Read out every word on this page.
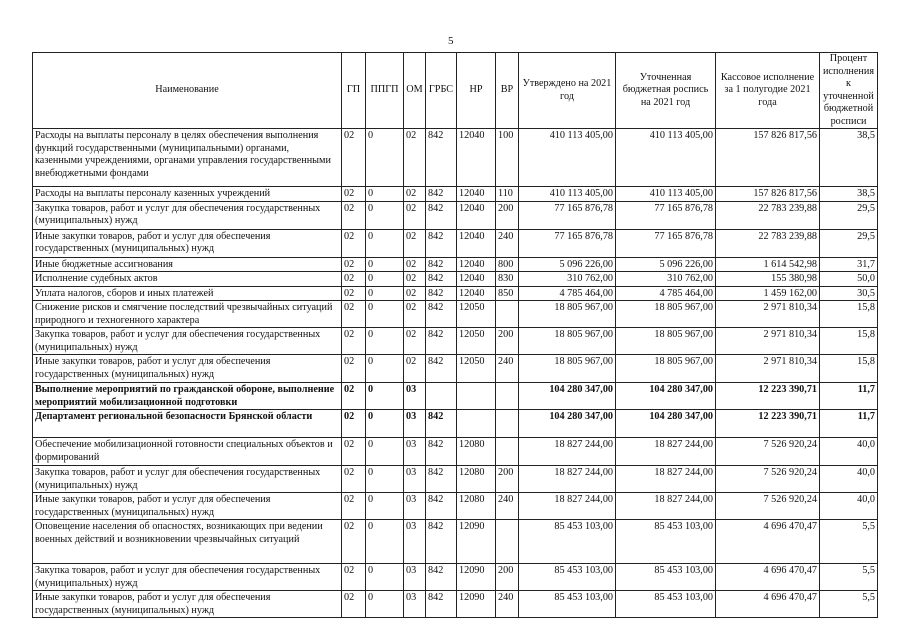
5
Наименование	ГП	ППГП	ОМ	ГРБС	НР	ВР	Утверждено на 2021 год	Уточненная бюджетная роспись на 2021 год	Кассовое исполнение за 1 полугодие 2021 года	Процент исполнения к уточненной бюджетной росписи
Расходы на выплаты персоналу в целях обеспечения выполнения функций государственными (муниципальными) органами, казенными учреждениями, органами управления государственными внебюджетными фондами	02	0	02	842	12040	100	410 113 405,00	410 113 405,00	157 826 817,56	38,5
Расходы на выплаты персоналу казенных учреждений	02	0	02	842	12040	110	410 113 405,00	410 113 405,00	157 826 817,56	38,5
Закупка товаров, работ и услуг для обеспечения государственных (муниципальных) нужд	02	0	02	842	12040	200	77 165 876,78	77 165 876,78	22 783 239,88	29,5
Иные закупки товаров, работ и услуг для обеспечения государственных (муниципальных) нужд	02	0	02	842	12040	240	77 165 876,78	77 165 876,78	22 783 239,88	29,5
Иные бюджетные ассигнования	02	0	02	842	12040	800	5 096 226,00	5 096 226,00	1 614 542,98	31,7
Исполнение судебных актов	02	0	02	842	12040	830	310 762,00	310 762,00	155 380,98	50,0
Уплата налогов, сборов и иных платежей	02	0	02	842	12040	850	4 785 464,00	4 785 464,00	1 459 162,00	30,5
Снижение рисков и смягчение последствий чрезвычайных ситуаций природного и техногенного характера	02	0	02	842	12050		18 805 967,00	18 805 967,00	2 971 810,34	15,8
Закупка товаров, работ и услуг для обеспечения государственных (муниципальных) нужд	02	0	02	842	12050	200	18 805 967,00	18 805 967,00	2 971 810,34	15,8
Иные закупки товаров, работ и услуг для обеспечения государственных (муниципальных) нужд	02	0	02	842	12050	240	18 805 967,00	18 805 967,00	2 971 810,34	15,8
Выполнение мероприятий по гражданской обороне, выполнение мероприятий мобилизационной подготовки	02	0	03				104 280 347,00	104 280 347,00	12 223 390,71	11,7
Департамент региональной безопасности Брянской области	02	0	03	842			104 280 347,00	104 280 347,00	12 223 390,71	11,7
Обеспечение мобилизационной готовности специальных объектов и формирований	02	0	03	842	12080		18 827 244,00	18 827 244,00	7 526 920,24	40,0
Закупка товаров, работ и услуг для обеспечения государственных (муниципальных) нужд	02	0	03	842	12080	200	18 827 244,00	18 827 244,00	7 526 920,24	40,0
Иные закупки товаров, работ и услуг для обеспечения государственных (муниципальных) нужд	02	0	03	842	12080	240	18 827 244,00	18 827 244,00	7 526 920,24	40,0
Оповещение населения об опасностях, возникающих при ведении военных действий и возникновении чрезвычайных ситуаций	02	0	03	842	12090		85 453 103,00	85 453 103,00	4 696 470,47	5,5
Закупка товаров, работ и услуг для обеспечения государственных (муниципальных) нужд	02	0	03	842	12090	200	85 453 103,00	85 453 103,00	4 696 470,47	5,5
Иные закупки товаров, работ и услуг для обеспечения государственных (муниципальных) нужд	02	0	03	842	12090	240	85 453 103,00	85 453 103,00	4 696 470,47	5,5
